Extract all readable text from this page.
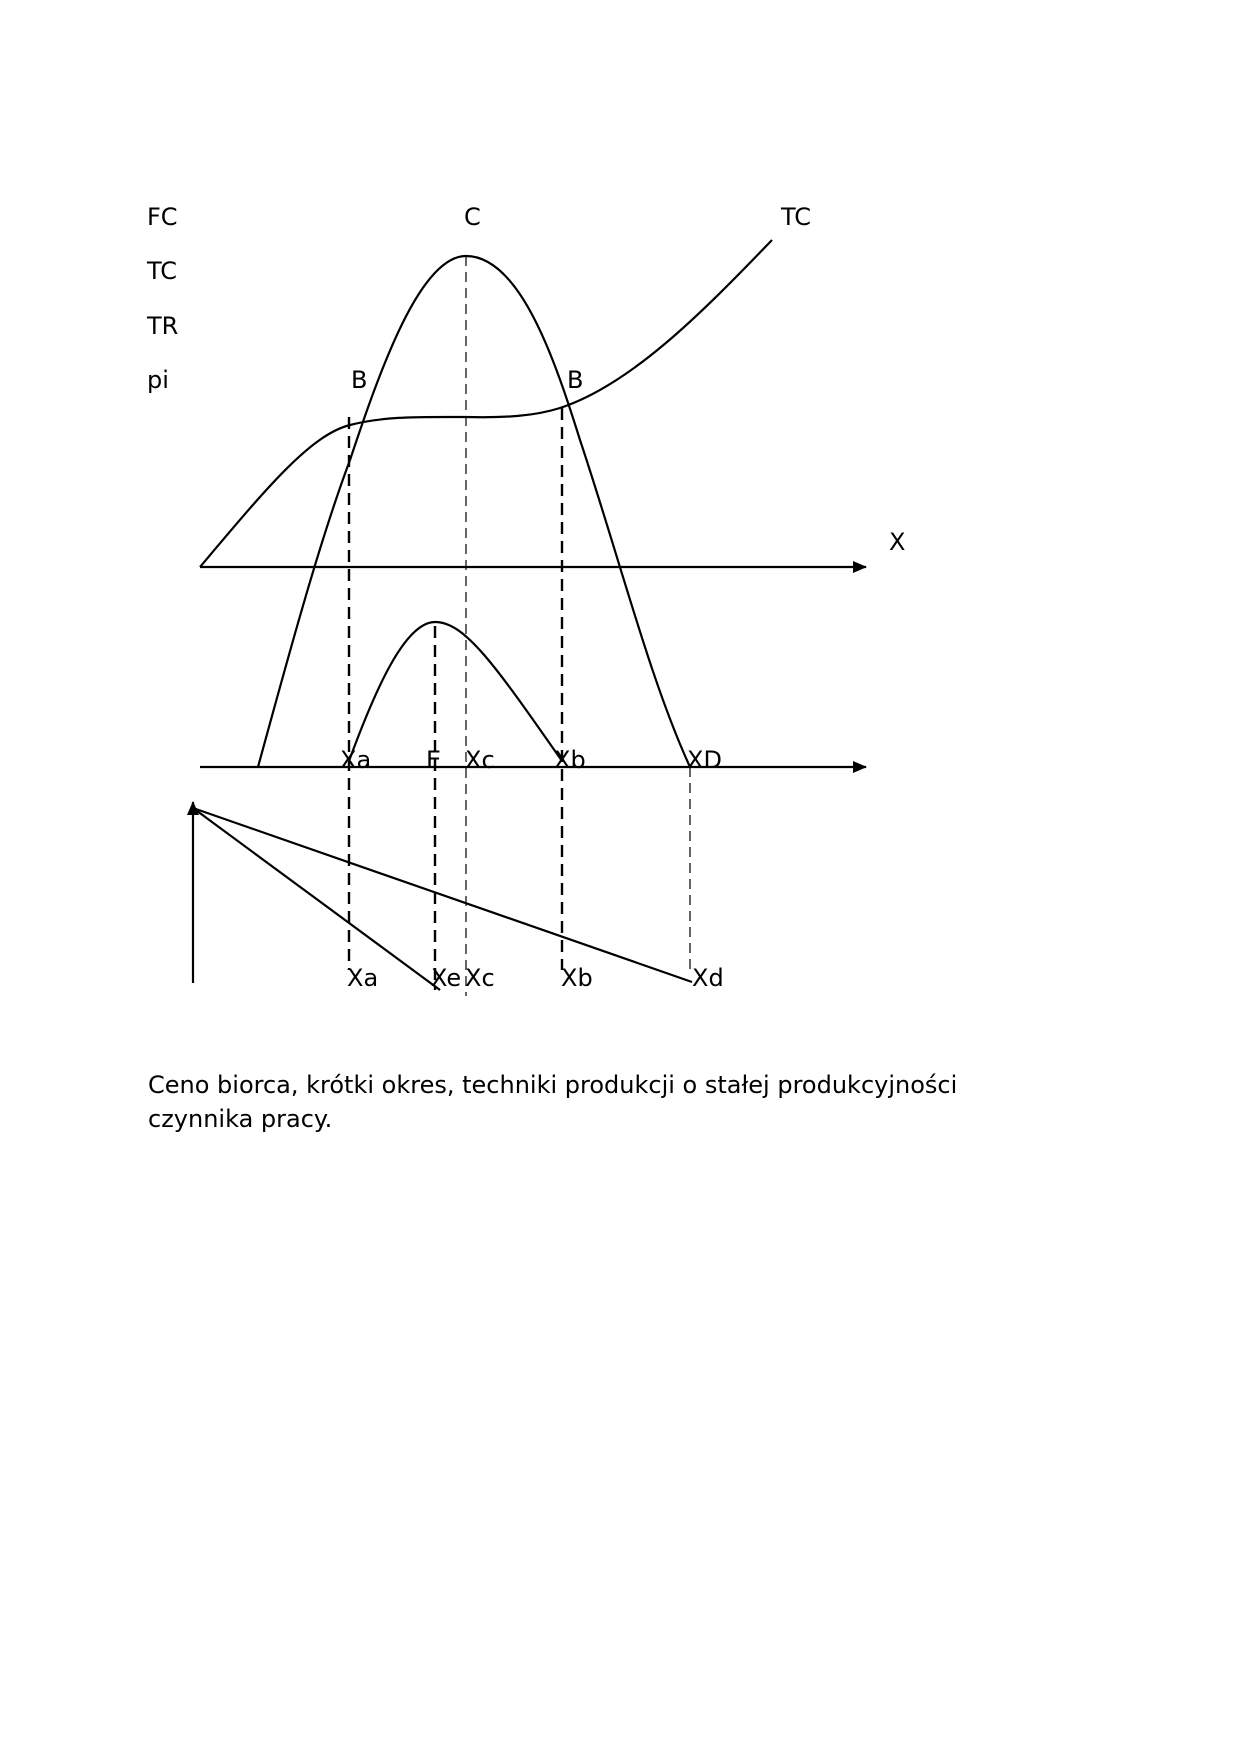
FC
TC
TR
pi
C	TC
B	B
X
Xa E Xc Xb	XD
Xa Xe Xc	Xb	Xd

Ceno biorca, krótki okres, techniki produkcji o stałej produkcyjności
czynnika pracy.
